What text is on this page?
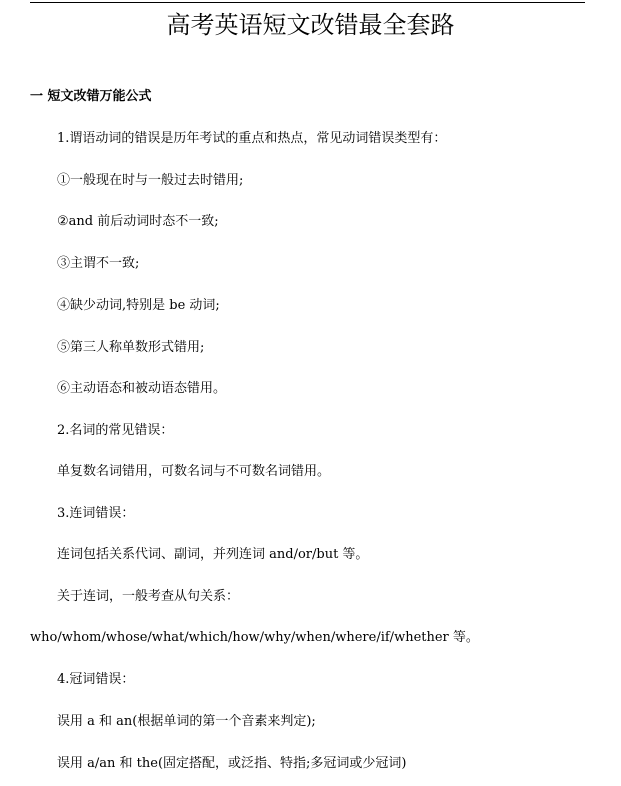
高考英语短文改错最全套路
一 短文改错万能公式
1.谓语动词的错误是历年考试的重点和热点，常见动词错误类型有：
①一般现在时与一般过去时错用;
②and 前后动词时态不一致;
③主谓不一致;
④缺少动词,特别是 be 动词;
⑤第三人称单数形式错用;
⑥主动语态和被动语态错用。
2.名词的常见错误：
单复数名词错用，可数名词与不可数名词错用。
3.连词错误：
连词包括关系代词、副词，并列连词 and/or/but 等。
关于连词，一般考查从句关系：
who/whom/whose/what/which/how/why/when/where/if/whether 等。
4.冠词错误：
误用 a 和 an(根据单词的第一个音素来判定);
误用 a/an 和 the(固定搭配，或泛指、特指;多冠词或少冠词)
